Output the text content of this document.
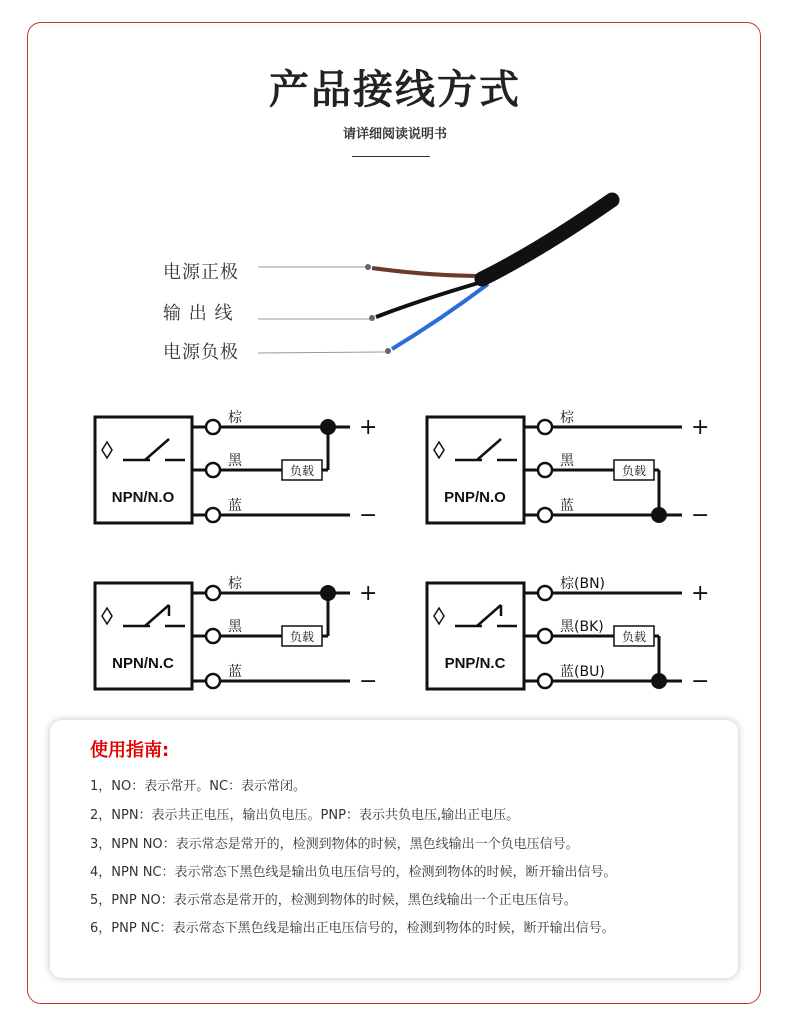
产品接线方式
请详细阅读说明书
NPN/N.O
棕
黑
蓝
负载
+
−
PNP/N.O
棕
黑
蓝
负载
+
−
NPN/N.C
棕
黑
蓝
负载
+
−
PNP/N.C
棕(BN)
黑(BK)
蓝(BU)
负载
+
−
电源正极
输 出 线
电源负极
使用指南:
1，NO：表示常开。NC：表示常闭。
2，NPN：表示共正电压，输出负电压。PNP：表示共负电压,输出正电压。
3，NPN NO：表示常态是常开的，检测到物体的时候，黑色线输出一个负电压信号。
4，NPN NC：表示常态下黑色线是输出负电压信号的，检测到物体的时候，断开输出信号。
5，PNP NO：表示常态是常开的，检测到物体的时候，黑色线输出一个正电压信号。
6，PNP NC：表示常态下黑色线是输出正电压信号的，检测到物体的时候，断开输出信号。
